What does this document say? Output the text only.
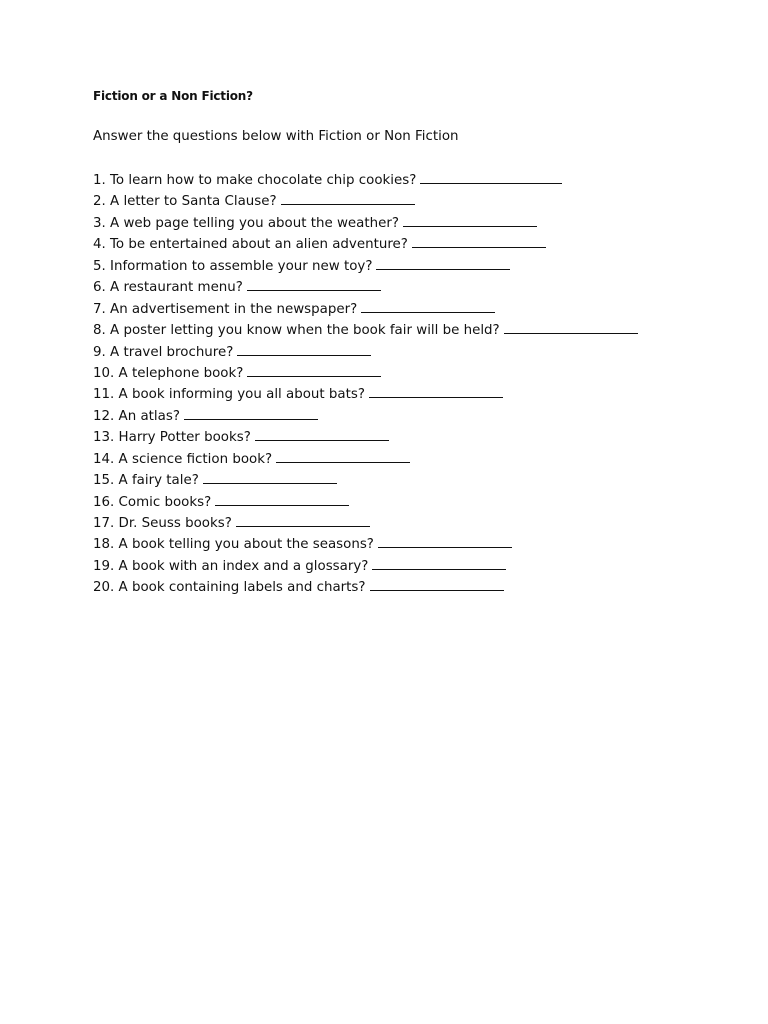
Fiction or a Non Fiction?
Answer the questions below with Fiction or Non Fiction
1. To learn how to make chocolate chip cookies?
2. A letter to Santa Clause?
3. A web page telling you about the weather?
4. To be entertained about an alien adventure?
5. Information to assemble your new toy?
6. A restaurant menu?
7. An advertisement in the newspaper?
8. A poster letting you know when the book fair will be held?
9. A travel brochure?
10. A telephone book?
11. A book informing you all about bats?
12. An atlas?
13. Harry Potter books?
14. A science fiction book?
15. A fairy tale?
16. Comic books?
17. Dr. Seuss books?
18. A book telling you about the seasons?
19. A book with an index and a glossary?
20. A book containing labels and charts?
